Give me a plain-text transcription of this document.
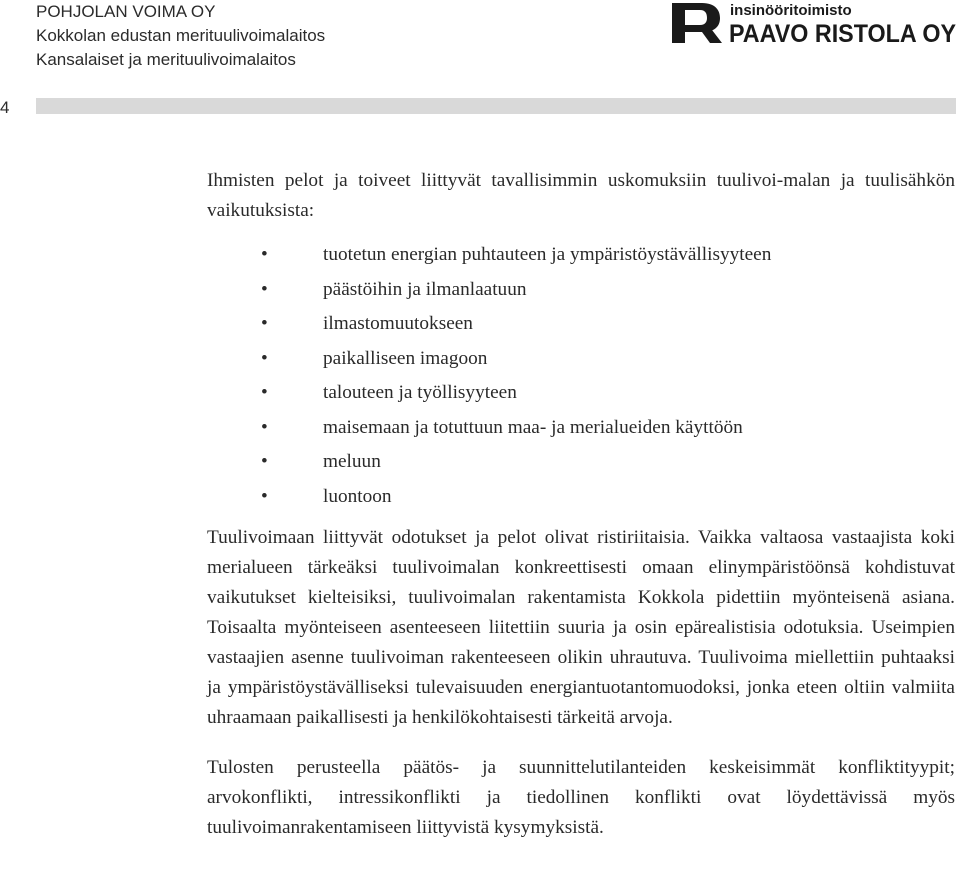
POHJOLAN VOIMA OY
Kokkolan edustan merituulivoimalaitos
Kansalaiset ja merituulivoimalaitos
insinööritoimisto
PAAVO RISTOLA OY
4

Ihmisten pelot ja toiveet liittyvät tavallisimmin uskomuksiin tuulivoi-malan ja tuulisähkön vaikutuksista:

•	tuotetun energian puhtauteen ja ympäristöystävällisyyteen
•	päästöihin ja ilmanlaatuun
•	ilmastomuutokseen
•	paikalliseen imagoon
•	talouteen ja työllisyyteen
•	maisemaan ja totuttuun maa- ja merialueiden käyttöön
•	meluun
•	luontoon

Tuulivoimaan liittyvät odotukset ja pelot olivat ristiriitaisia. Vaikka valtaosa vastaajista koki merialueen tärkeäksi tuulivoimalan konkreettisesti omaan elinympäristöönsä kohdistuvat vaikutukset kielteisiksi, tuulivoimalan rakentamista Kokkola pidettiin myönteisenä asiana. Toisaalta myönteiseen asenteeseen liitettiin suuria ja osin epärealistisia odotuksia. Useimpien vastaajien asenne tuulivoiman rakenteeseen olikin uhrautuva. Tuulivoima miellettiin puhtaaksi ja ympäristöystävälliseksi tulevaisuuden energiantuotantomuodoksi, jonka eteen oltiin valmiita uhraamaan paikallisesti ja henkilökohtaisesti tärkeitä arvoja.

Tulosten perusteella päätös- ja suunnittelutilanteiden keskeisimmät konfliktityypit; arvokonflikti, intressikonflikti ja tiedollinen konflikti ovat löydettävissä myös tuulivoimanrakentamiseen liittyvistä kysymyksistä.
